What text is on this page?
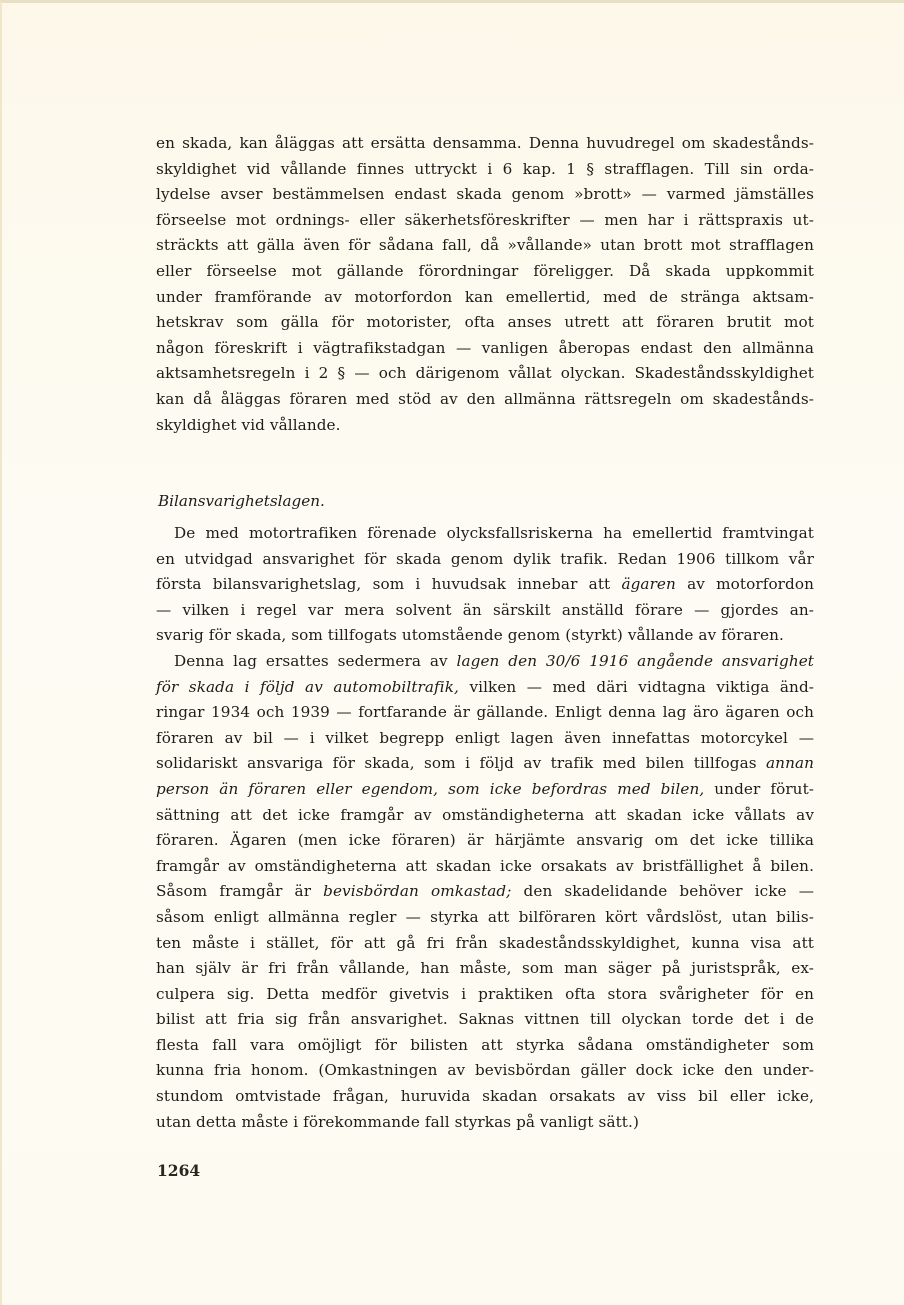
en skada, kan åläggas att ersätta densamma. Denna huvudregel om skadestånds-
skyldighet vid vållande finnes uttryckt i 6 kap. 1 § strafflagen. Till sin orda-
lydelse avser bestämmelsen endast skada genom »brott» — varmed jämställes
förseelse mot ordnings- eller säkerhetsföreskrifter — men har i rättspraxis ut-
sträckts att gälla även för sådana fall, då »vållande» utan brott mot strafflagen
eller förseelse mot gällande förordningar föreligger. Då skada uppkommit
under framförande av motorfordon kan emellertid, med de stränga aktsam-
hetskrav som gälla för motorister, ofta anses utrett att föraren brutit mot
någon föreskrift i vägtrafikstadgan — vanligen åberopas endast den allmänna
aktsamhetsregeln i 2 § — och därigenom vållat olyckan. Skadeståndsskyldighet
kan då åläggas föraren med stöd av den allmänna rättsregeln om skadestånds-
skyldighet vid vållande.
Bilansvarighetslagen.
De med motortrafiken förenade olycksfallsriskerna ha emellertid framtvingat
en utvidgad ansvarighet för skada genom dylik trafik. Redan 1906 tillkom vår
första bilansvarighetslag, som i huvudsak innebar att ägaren av motorfordon
— vilken i regel var mera solvent än särskilt anställd förare — gjordes an-
svarig för skada, som tillfogats utomstående genom (styrkt) vållande av föraren.
Denna lag ersattes sedermera av lagen den 30/6 1916 angående ansvarighet
för skada i följd av automobiltrafik, vilken — med däri vidtagna viktiga änd-
ringar 1934 och 1939 — fortfarande är gällande. Enligt denna lag äro ägaren och
föraren av bil — i vilket begrepp enligt lagen även innefattas motorcykel —
solidariskt ansvariga för skada, som i följd av trafik med bilen tillfogas annan
person än föraren eller egendom, som icke befordras med bilen, under förut-
sättning att det icke framgår av omständigheterna att skadan icke vållats av
föraren. Ägaren (men icke föraren) är härjämte ansvarig om det icke tillika
framgår av omständigheterna att skadan icke orsakats av bristfällighet å bilen.
Såsom framgår är bevisbördan omkastad; den skadelidande behöver icke —
såsom enligt allmänna regler — styrka att bilföraren kört vårdslöst, utan bilis-
ten måste i stället, för att gå fri från skadeståndsskyldighet, kunna visa att
han själv är fri från vållande, han måste, som man säger på juristspråk, ex-
culpera sig. Detta medför givetvis i praktiken ofta stora svårigheter för en
bilist att fria sig från ansvarighet. Saknas vittnen till olyckan torde det i de
flesta fall vara omöjligt för bilisten att styrka sådana omständigheter som
kunna fria honom. (Omkastningen av bevisbördan gäller dock icke den under-
stundom omtvistade frågan, huruvida skadan orsakats av viss bil eller icke,
utan detta måste i förekommande fall styrkas på vanligt sätt.)
1264
